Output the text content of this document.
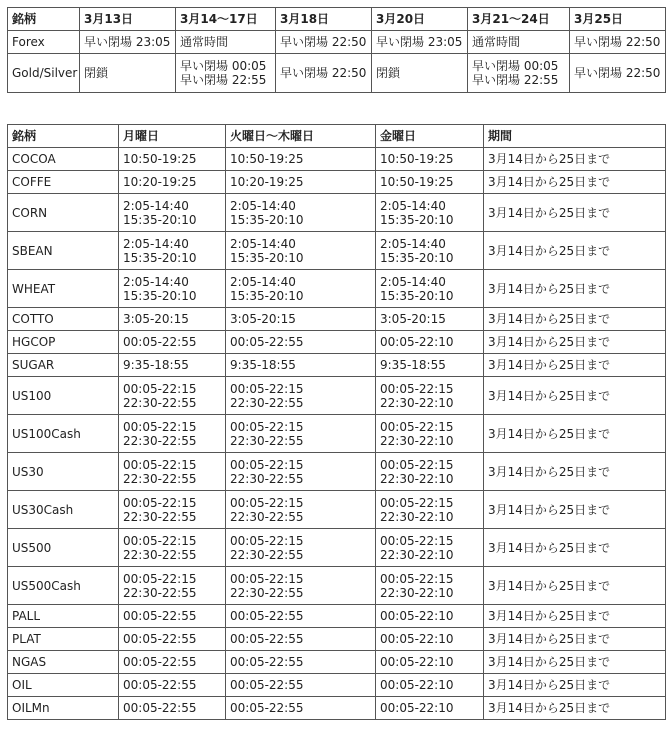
銘柄	3月13日	3月14〜17日	3月18日	3月20日	3月21〜24日	3月25日

Forex	早い閉場 23:05	通常時間	早い閉場 22:50	早い閉場 23:05	通常時間	早い閉場 22:50

Gold/Silver	閉鎖	早い閉場 00:05
早い閉場 22:55	早い閉場 22:50	閉鎖	早い閉場 00:05
早い閉場 22:55	早い閉場 22:50
銘柄	月曜日	火曜日〜木曜日	金曜日	期間

COCOA	10:50-19:25	10:50-19:25	10:50-19:25	3月14日から25日まで

COFFE	10:20-19:25	10:20-19:25	10:50-19:25	3月14日から25日まで

CORN	2:05-14:40
15:35-20:10	2:05-14:40
15:35-20:10	2:05-14:40
15:35-20:10	3月14日から25日まで

SBEAN	2:05-14:40
15:35-20:10	2:05-14:40
15:35-20:10	2:05-14:40
15:35-20:10	3月14日から25日まで

WHEAT	2:05-14:40
15:35-20:10	2:05-14:40
15:35-20:10	2:05-14:40
15:35-20:10	3月14日から25日まで

COTTO	3:05-20:15	3:05-20:15	3:05-20:15	3月14日から25日まで

HGCOP	00:05-22:55	00:05-22:55	00:05-22:10	3月14日から25日まで

SUGAR	9:35-18:55	9:35-18:55	9:35-18:55	3月14日から25日まで

US100	00:05-22:15
22:30-22:55	00:05-22:15
22:30-22:55	00:05-22:15
22:30-22:10	3月14日から25日まで

US100Cash	00:05-22:15
22:30-22:55	00:05-22:15
22:30-22:55	00:05-22:15
22:30-22:10	3月14日から25日まで

US30	00:05-22:15
22:30-22:55	00:05-22:15
22:30-22:55	00:05-22:15
22:30-22:10	3月14日から25日まで

US30Cash	00:05-22:15
22:30-22:55	00:05-22:15
22:30-22:55	00:05-22:15
22:30-22:10	3月14日から25日まで

US500	00:05-22:15
22:30-22:55	00:05-22:15
22:30-22:55	00:05-22:15
22:30-22:10	3月14日から25日まで

US500Cash	00:05-22:15
22:30-22:55	00:05-22:15
22:30-22:55	00:05-22:15
22:30-22:10	3月14日から25日まで

PALL	00:05-22:55	00:05-22:55	00:05-22:10	3月14日から25日まで

PLAT	00:05-22:55	00:05-22:55	00:05-22:10	3月14日から25日まで

NGAS	00:05-22:55	00:05-22:55	00:05-22:10	3月14日から25日まで

OIL	00:05-22:55	00:05-22:55	00:05-22:10	3月14日から25日まで

OILMn	00:05-22:55	00:05-22:55	00:05-22:10	3月14日から25日まで
